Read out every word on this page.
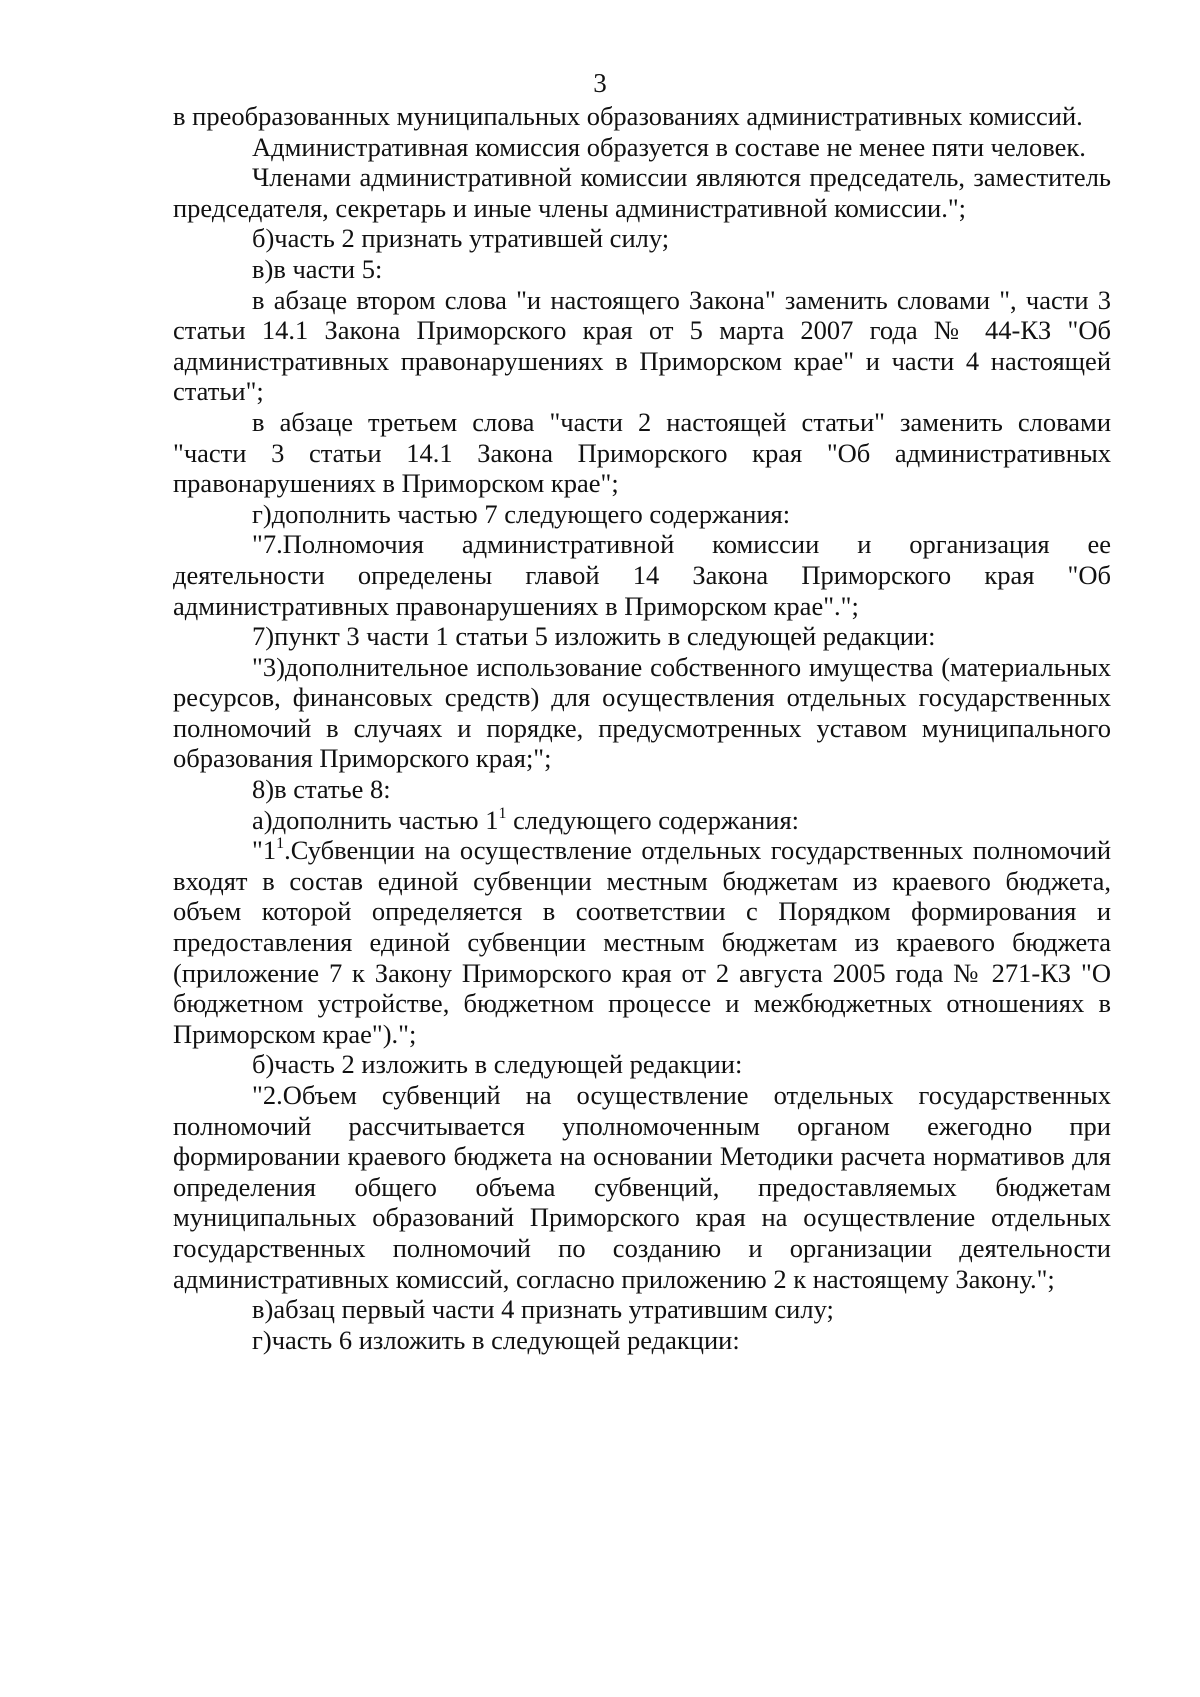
3

в преобразованных муниципальных образованиях административных комиссий.

Административная комиссия образуется в составе не менее пяти человек.

Членами административной комиссии являются председатель, заместитель председателя, секретарь и иные члены административной комиссии.";

б)часть 2 признать утратившей силу;

в)в части 5:

в абзаце втором слова "и настоящего Закона" заменить словами ", части 3 статьи 14.1 Закона Приморского края от 5 марта 2007 года № 44-КЗ "Об административных правонарушениях в Приморском крае" и части 4 настоящей статьи";

в абзаце третьем слова "части 2 настоящей статьи" заменить словами "части 3 статьи 14.1 Закона Приморского края "Об административных правонарушениях в Приморском крае";

г)дополнить частью 7 следующего содержания:

"7.Полномочия административной комиссии и организация ее деятельности определены главой 14 Закона Приморского края "Об административных правонарушениях в Приморском крае".";

7)пункт 3 части 1 статьи 5 изложить в следующей редакции:

"3)дополнительное использование собственного имущества (материальных ресурсов, финансовых средств) для осуществления отдельных государственных полномочий в случаях и порядке, предусмотренных уставом муниципального образования Приморского края;";

8)в статье 8:

а)дополнить частью $1^1$ следующего содержания:

"$1^1.Субвенции$ на осуществление отдельных государственных полномочий входят в состав единой субвенции местным бюджетам из краевого бюджета, объем которой определяется в соответствии с Порядком формирования и предоставления единой субвенции местным бюджетам из краевого бюджета (приложение 7 к Закону Приморского края от 2 августа 2005 года № 271-КЗ "О бюджетном устройстве, бюджетном процессе и межбюджетных отношениях в Приморском крае").";

б)часть 2 изложить в следующей редакции:

"2.Объем субвенций на осуществление отдельных государственных полномочий рассчитывается уполномоченным органом ежегодно при формировании краевого бюджета на основании Методики расчета нормативов для определения общего объема субвенций, предоставляемых бюджетам муниципальных образований Приморского края на осуществление отдельных государственных полномочий по созданию и организации деятельности административных комиссий, согласно приложению 2 к настоящему Закону.";

в)абзац первый части 4 признать утратившим силу;

г)часть 6 изложить в следующей редакции:
